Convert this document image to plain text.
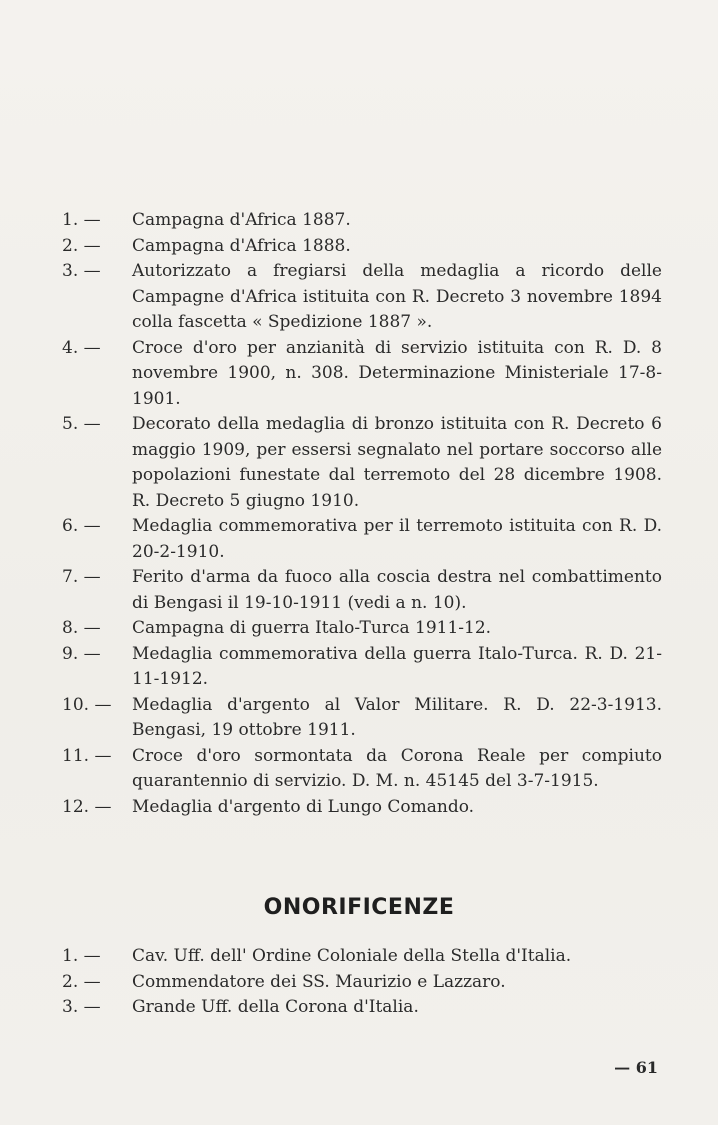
1. —	Campagna d'Africa 1887.
2. —	Campagna d'Africa 1888.
3. —	Autorizzato a fregiarsi della medaglia a ricordo delle Campagne d'Africa istituita con R. Decreto 3 novembre 1894 colla fascetta « Spedizione 1887 ».
4. —	Croce d'oro per anzianità di servizio istituita con R. D. 8 novembre 1900, n. 308. Determinazione Ministeriale 17-8-1901.
5. —	Decorato della medaglia di bronzo istituita con R. Decreto 6 maggio 1909, per essersi segnalato nel portare soccorso alle popolazioni funestate dal terremoto del 28 dicembre 1908. R. Decreto 5 giugno 1910.
6. —	Medaglia commemorativa per il terremoto istituita con R. D. 20-2-1910.
7. —	Ferito d'arma da fuoco alla coscia destra nel combattimento di Bengasi il 19-10-1911 (vedi a n. 10).
8. —	Campagna di guerra Italo-Turca 1911-12.
9. —	Medaglia commemorativa della guerra Italo-Turca. R. D. 21-11-1912.
10. —	Medaglia d'argento al Valor Militare. R. D. 22-3-1913. Bengasi, 19 ottobre 1911.
11. —	Croce d'oro sormontata da Corona Reale per compiuto quarantennio di servizio. D. M. n. 45145 del 3-7-1915.
12. —	Medaglia d'argento di Lungo Comando.
ONORIFICENZE
1. —	Cav. Uff. dell' Ordine Coloniale della Stella d'Italia.
2. —	Commendatore dei SS. Maurizio e Lazzaro.
3. —	Grande Uff. della Corona d'Italia.
— 61
